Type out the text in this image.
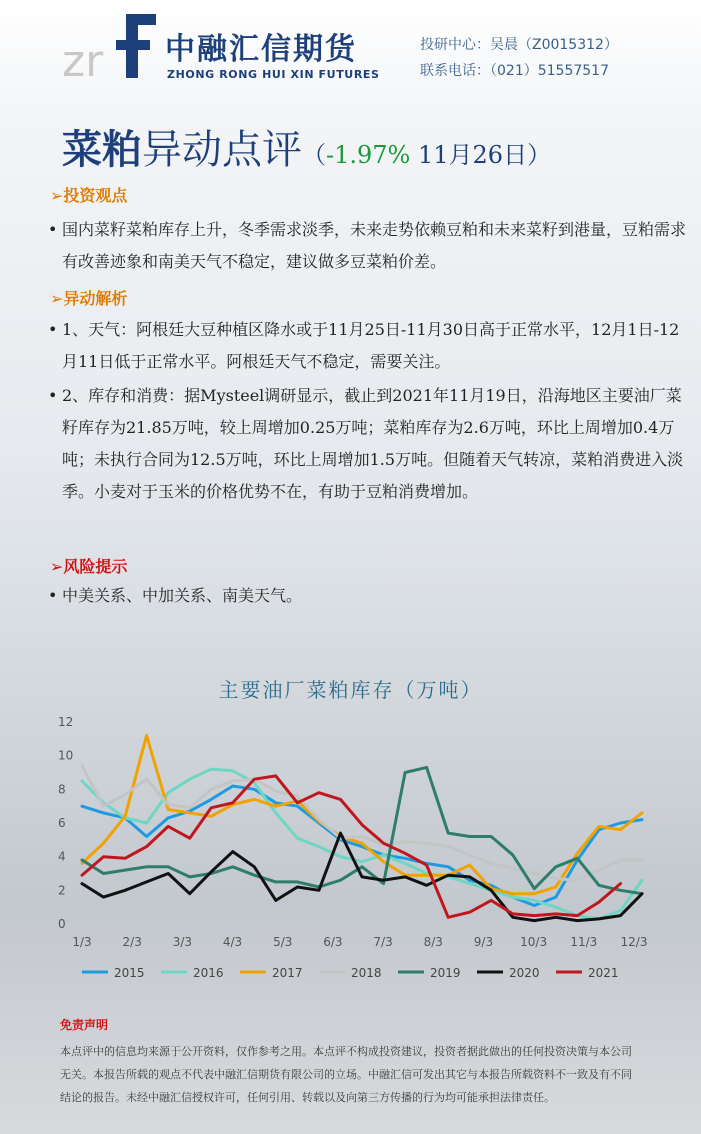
zr 中融汇信期货
ZHONG RONG HUI XIN FUTURES
投研中心：吴晨（Z0015312）
联系电话：（021）51557517
菜粕异动点评（-1.97% 11月26日）
➢投资观点
• 国内菜籽菜粕库存上升，冬季需求淡季，未来走势依赖豆粕和未来菜籽到港量，豆粕需求有改善迹象和南美天气不稳定，建议做多豆菜粕价差。
➢异动解析
• 1、天气：阿根廷大豆种植区降水或于11月25日-11月30日高于正常水平，12月1日-12月11日低于正常水平。阿根廷天气不稳定，需要关注。
• 2、库存和消费：据Mysteel调研显示，截止到2021年11月19日，沿海地区主要油厂菜籽库存为21.85万吨，较上周增加0.25万吨；菜粕库存为2.6万吨，环比上周增加0.4万吨；未执行合同为12.5万吨，环比上周增加1.5万吨。但随着天气转凉，菜粕消费进入淡季。小麦对于玉米的价格优势不在，有助于豆粕消费增加。
➢风险提示
• 中美关系、中加关系、南美天气。
主要油厂菜粕库存（万吨）
0
2
4
6
8
10
12
1/3	2/3	3/3	4/3	5/3	6/3	7/3	8/3	9/3 10/3 11/3 12/3
2015	2016	2017	2018	2019	2020	2021
免责声明
本点评中的信息均来源于公开资料，仅作参考之用。本点评不构成投资建议，投资者据此做出的任何投资决策与本公司无关。本报告所载的观点不代表中融汇信期货有限公司的立场。中融汇信可发出其它与本报告所载资料不一致及有不同结论的报告。未经中融汇信授权许可，任何引用、转载以及向第三方传播的行为均可能承担法律责任。
